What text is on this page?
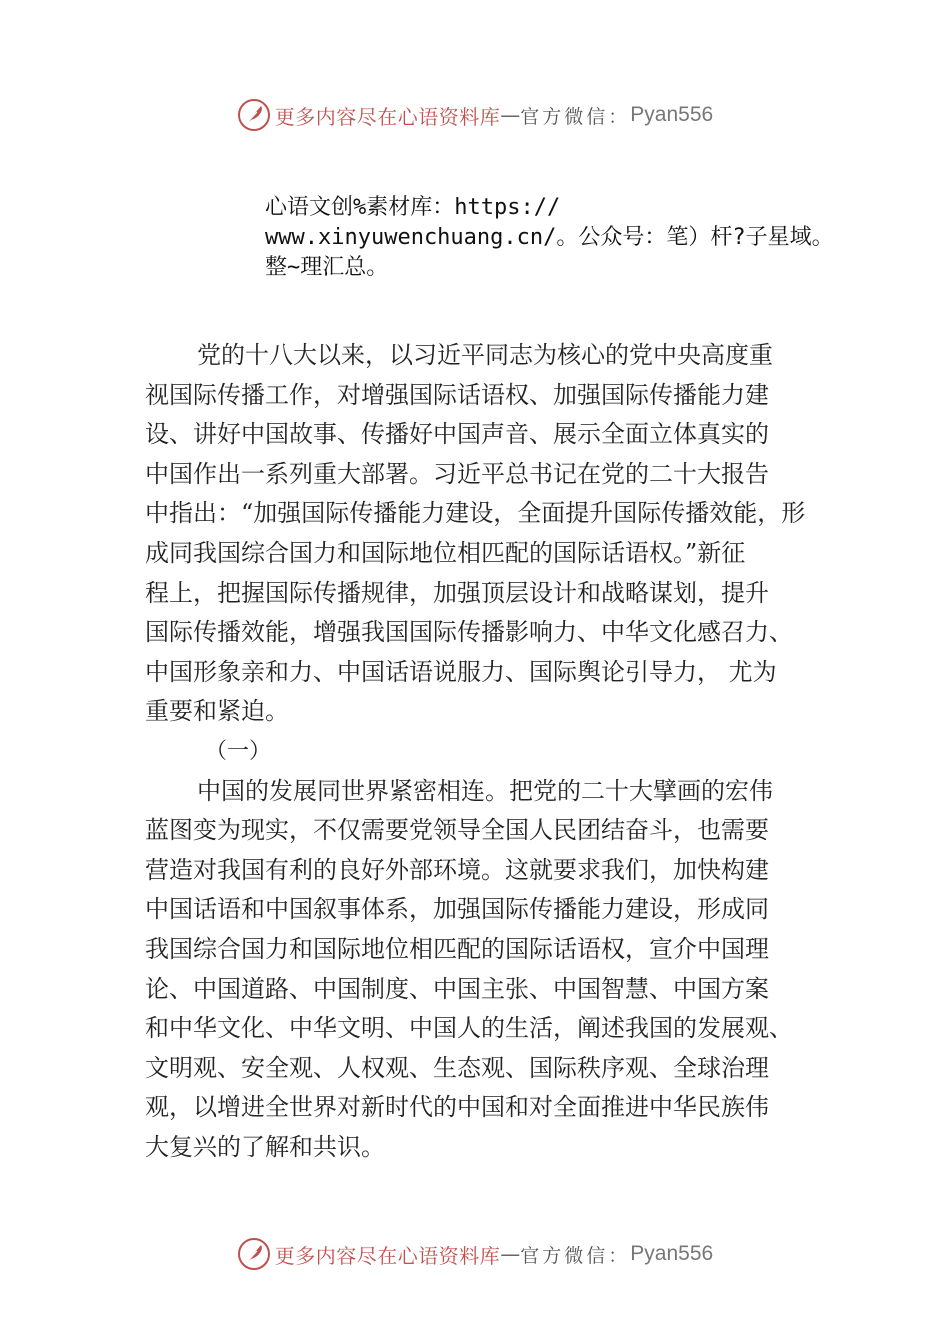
更多内容尽在心语资料库 — 官方微信： Pyan556
心语文创%素材库：https://
www.xinyuwenchuang.cn/。公众号：笔）杆?子星域。
整~理汇总。
党的十八大以来，以习近平同志为核心的党中央高度重
视国际传播工作，对增强国际话语权、加强国际传播能力建
设、讲好中国故事、传播好中国声音、展示全面立体真实的
中国作出一系列重大部署。习近平总书记在党的二十大报告
中指出：“加强国际传播能力建设，全面提升国际传播效能，形
成同我国综合国力和国际地位相匹配的国际话语权。”新征
程上，把握国际传播规律，加强顶层设计和战略谋划，提升
国际传播效能，增强我国国际传播影响力、中华文化感召力、
中国形象亲和力、中国话语说服力、国际舆论引导力， 尤为
重要和紧迫。
（一）
中国的发展同世界紧密相连。把党的二十大擘画的宏伟
蓝图变为现实，不仅需要党领导全国人民团结奋斗，也需要
营造对我国有利的良好外部环境。这就要求我们，加快构建
中国话语和中国叙事体系，加强国际传播能力建设，形成同
我国综合国力和国际地位相匹配的国际话语权，宣介中国理
论、中国道路、中国制度、中国主张、中国智慧、中国方案
和中华文化、中华文明、中国人的生活，阐述我国的发展观、
文明观、安全观、人权观、生态观、国际秩序观、全球治理
观，以增进全世界对新时代的中国和对全面推进中华民族伟
大复兴的了解和共识。
更多内容尽在心语资料库 — 官方微信： Pyan556
